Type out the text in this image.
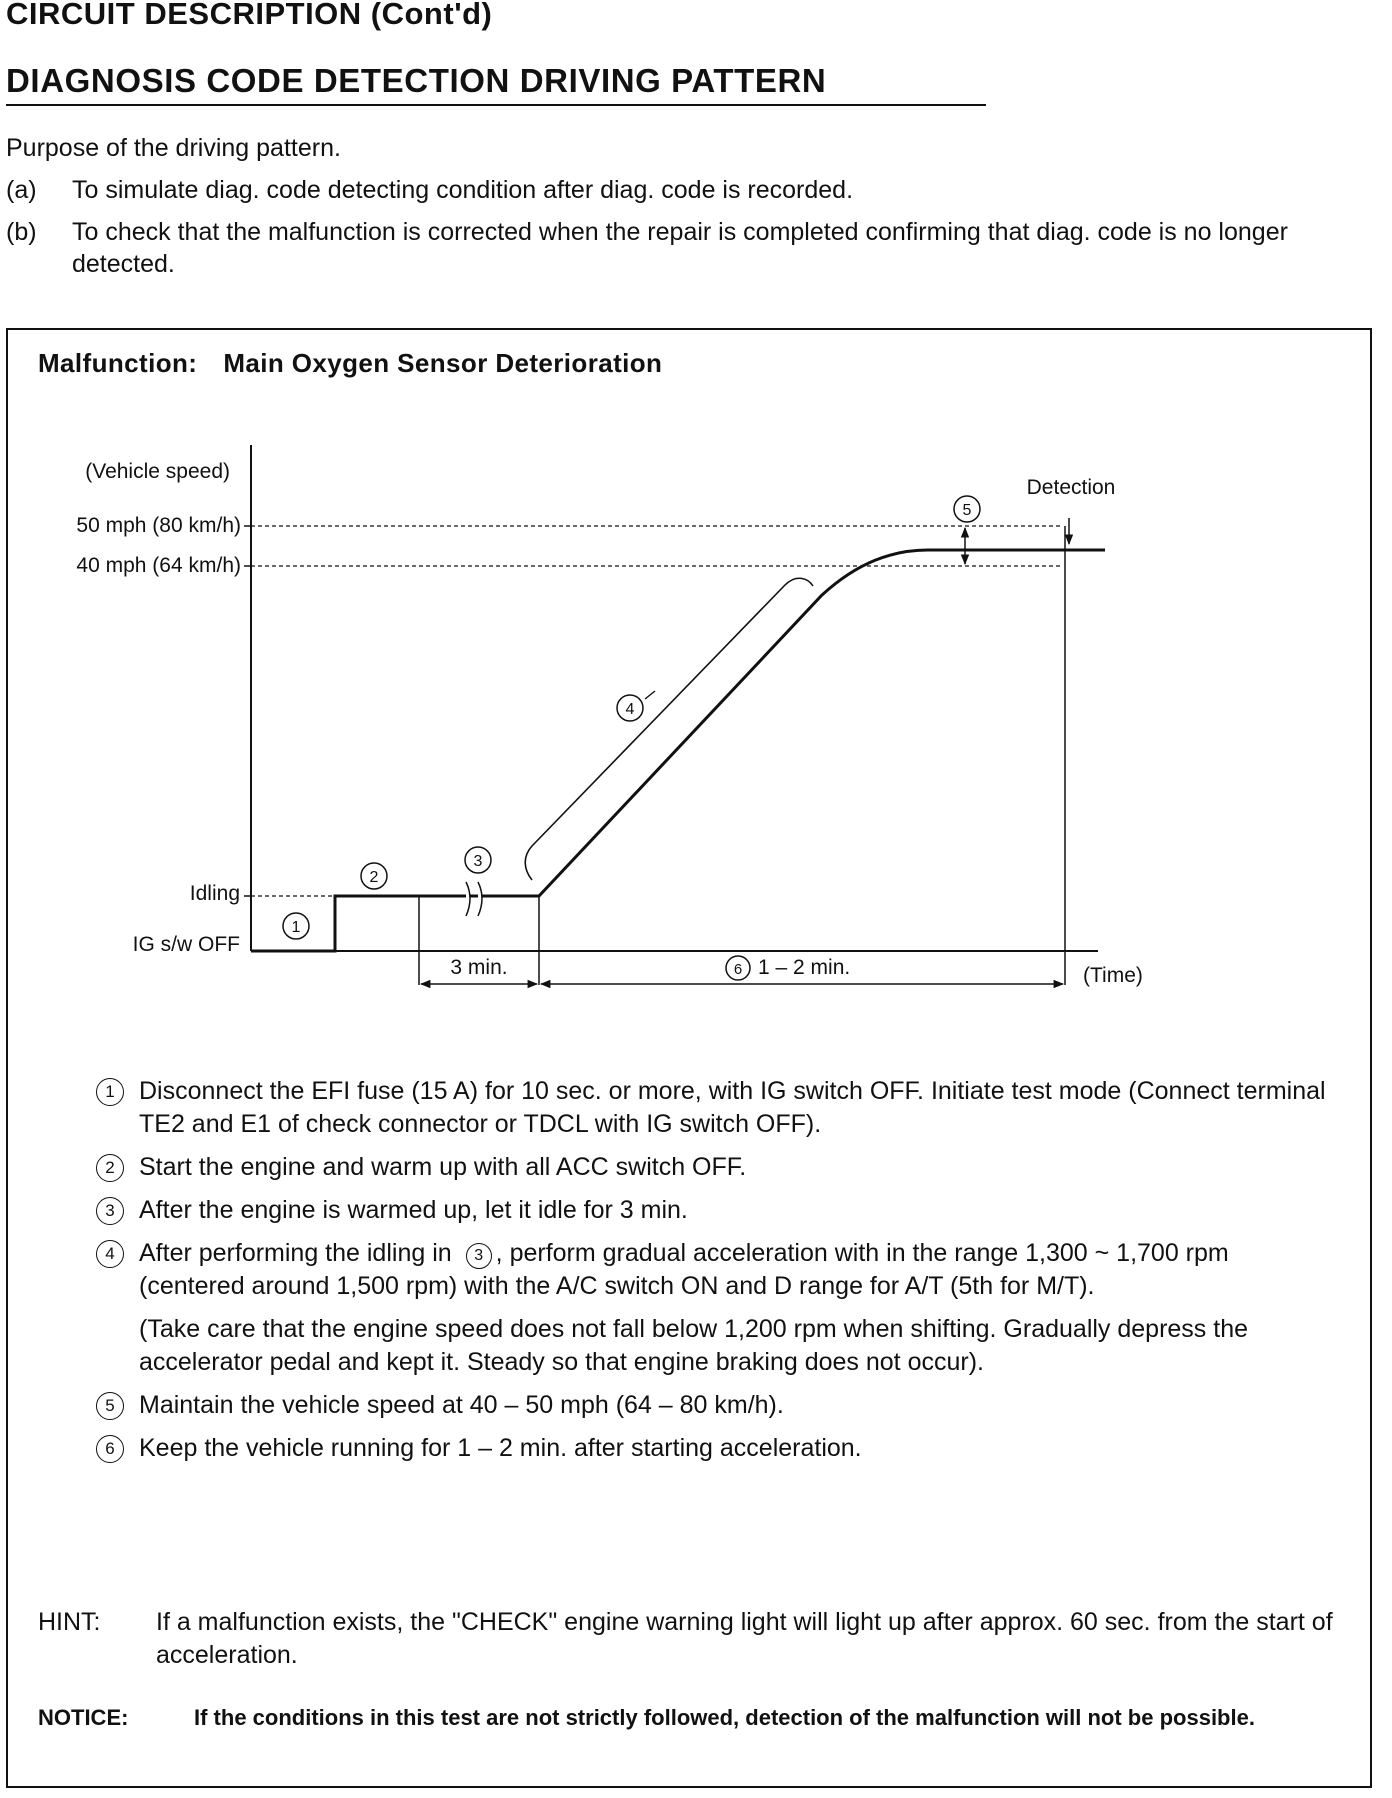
CIRCUIT DESCRIPTION (Cont'd)
DIAGNOSIS CODE DETECTION DRIVING PATTERN
Purpose of the driving pattern.
(a) To simulate diag. code detecting condition after diag. code is recorded.
(b) To check that the malfunction is corrected when the repair is completed confirming that diag. code is no longer detected.
Malfunction: Main Oxygen Sensor Deterioration
(Vehicle speed)
50 mph (80 km/h)
40 mph (64 km/h)
Idling
IG s/w OFF
3 min.	1 – 2 min.	(Time)
Detection
1
2
3
4
5
6
1 Disconnect the EFI fuse (15 A) for 10 sec. or more, with IG switch OFF. Initiate test mode (Connect terminal TE2 and E1 of check connector or TDCL with IG switch OFF).

2 Start the engine and warm up with all ACC switch OFF.

3 After the engine is warmed up, let it idle for 3 min.

4 After performing the idling in 3 , perform gradual acceleration with in the range 1,300 ~ 1,700 rpm (centered around 1,500 rpm) with the A/C switch ON and D range for A/T (5th for M/T).

(Take care that the engine speed does not fall below 1,200 rpm when shifting. Gradually depress the accelerator pedal and kept it. Steady so that engine braking does not occur).

5 Maintain the vehicle speed at 40 – 50 mph (64 – 80 km/h).

6 Keep the vehicle running for 1 – 2 min. after starting acceleration.

HINT: If a malfunction exists, the "CHECK" engine warning light will light up after approx. 60 sec. from the start of acceleration.
NOTICE:	If the conditions in this test are not strictly followed, detection of the malfunction will not be possible.
